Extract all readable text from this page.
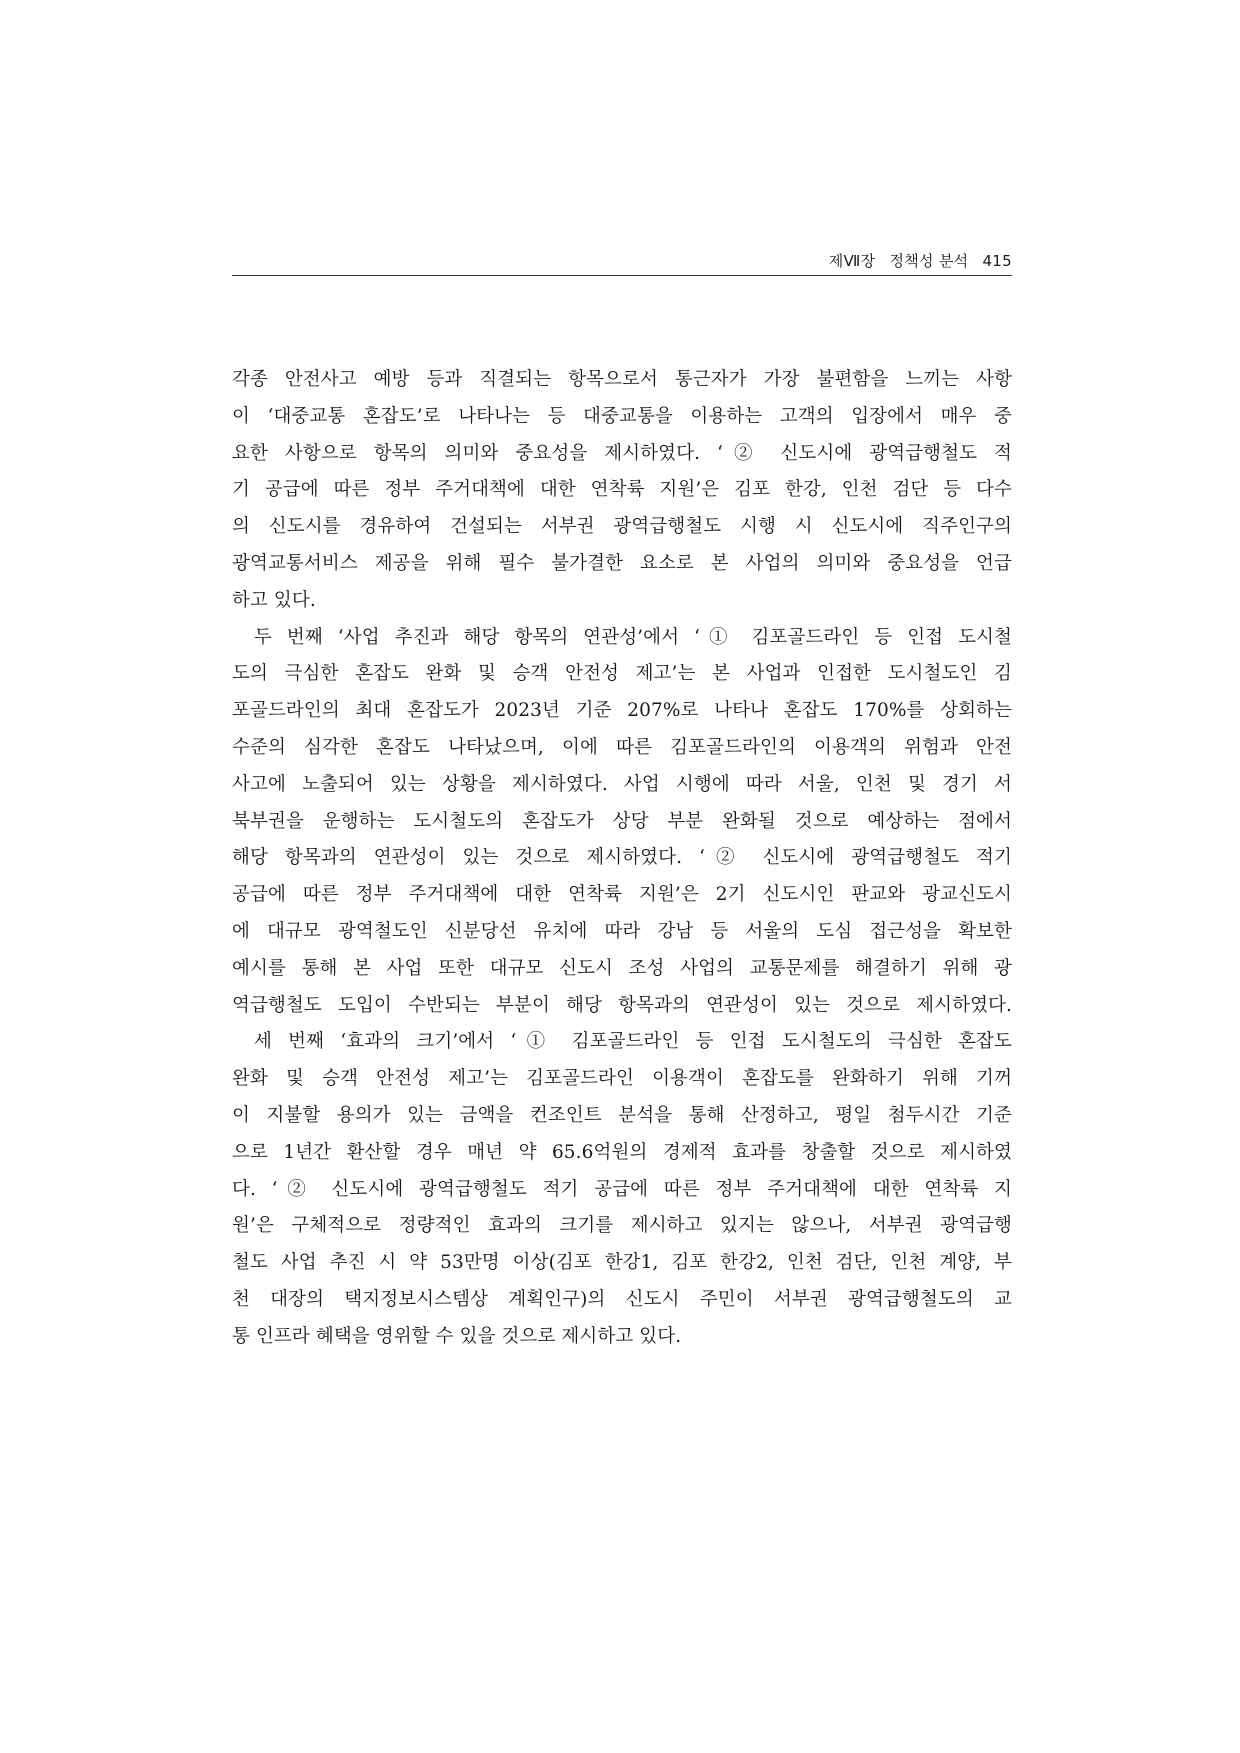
제Ⅶ장 정책성 분석 415
각종 안전사고 예방 등과 직결되는 항목으로서 통근자가 가장 불편함을 느끼는 사항
이 ‘대중교통 혼잡도’로 나타나는 등 대중교통을 이용하는 고객의 입장에서 매우 중
요한 사항으로 항목의 의미와 중요성을 제시하였다. ‘② 신도시에 광역급행철도 적
기 공급에 따른 정부 주거대책에 대한 연착륙 지원’은 김포 한강, 인천 검단 등 다수
의 신도시를 경유하여 건설되는 서부권 광역급행철도 시행 시 신도시에 직주인구의
광역교통서비스 제공을 위해 필수 불가결한 요소로 본 사업의 의미와 중요성을 언급
하고 있다.
두 번째 ‘사업 추진과 해당 항목의 연관성’에서 ‘① 김포골드라인 등 인접 도시철
도의 극심한 혼잡도 완화 및 승객 안전성 제고’는 본 사업과 인접한 도시철도인 김
포골드라인의 최대 혼잡도가 2023년 기준 207%로 나타나 혼잡도 170%를 상회하는
수준의 심각한 혼잡도 나타났으며, 이에 따른 김포골드라인의 이용객의 위험과 안전
사고에 노출되어 있는 상황을 제시하였다. 사업 시행에 따라 서울, 인천 및 경기 서
북부권을 운행하는 도시철도의 혼잡도가 상당 부분 완화될 것으로 예상하는 점에서
해당 항목과의 연관성이 있는 것으로 제시하였다. ‘② 신도시에 광역급행철도 적기
공급에 따른 정부 주거대책에 대한 연착륙 지원’은 2기 신도시인 판교와 광교신도시
에 대규모 광역철도인 신분당선 유치에 따라 강남 등 서울의 도심 접근성을 확보한
예시를 통해 본 사업 또한 대규모 신도시 조성 사업의 교통문제를 해결하기 위해 광
역급행철도 도입이 수반되는 부분이 해당 항목과의 연관성이 있는 것으로 제시하였다.
세 번째 ‘효과의 크기’에서 ‘① 김포골드라인 등 인접 도시철도의 극심한 혼잡도
완화 및 승객 안전성 제고’는 김포골드라인 이용객이 혼잡도를 완화하기 위해 기꺼
이 지불할 용의가 있는 금액을 컨조인트 분석을 통해 산정하고, 평일 첨두시간 기준
으로 1년간 환산할 경우 매년 약 65.6억원의 경제적 효과를 창출할 것으로 제시하였
다. ‘② 신도시에 광역급행철도 적기 공급에 따른 정부 주거대책에 대한 연착륙 지
원’은 구체적으로 정량적인 효과의 크기를 제시하고 있지는 않으나, 서부권 광역급행
철도 사업 추진 시 약 53만명 이상(김포 한강1, 김포 한강2, 인천 검단, 인천 계양, 부
천 대장의 택지정보시스템상 계획인구)의 신도시 주민이 서부권 광역급행철도의 교
통 인프라 혜택을 영위할 수 있을 것으로 제시하고 있다.
